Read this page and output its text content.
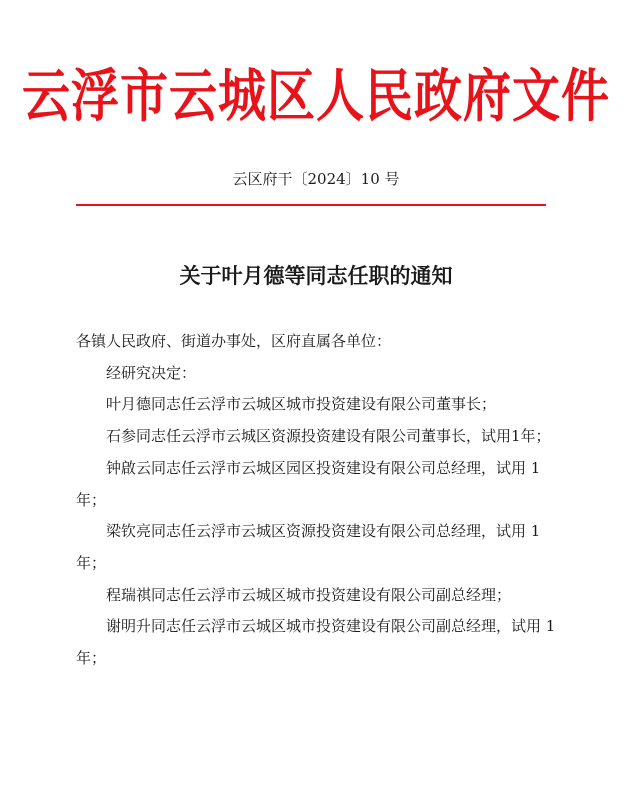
云浮市云城区人民政府文件
云区府干〔2024〕10 号
关于叶月德等同志任职的通知

各镇人民政府、街道办事处，区府直属各单位：

经研究决定：

叶月德同志任云浮市云城区城市投资建设有限公司董事长；

石参同志任云浮市云城区资源投资建设有限公司董事长，试用1年；

钟啟云同志任云浮市云城区园区投资建设有限公司总经理，试用 1 年；

梁钦亮同志任云浮市云城区资源投资建设有限公司总经理，试用 1 年；

程瑞祺同志任云浮市云城区城市投资建设有限公司副总经理；

谢明升同志任云浮市云城区城市投资建设有限公司副总经理，试用 1 年；
